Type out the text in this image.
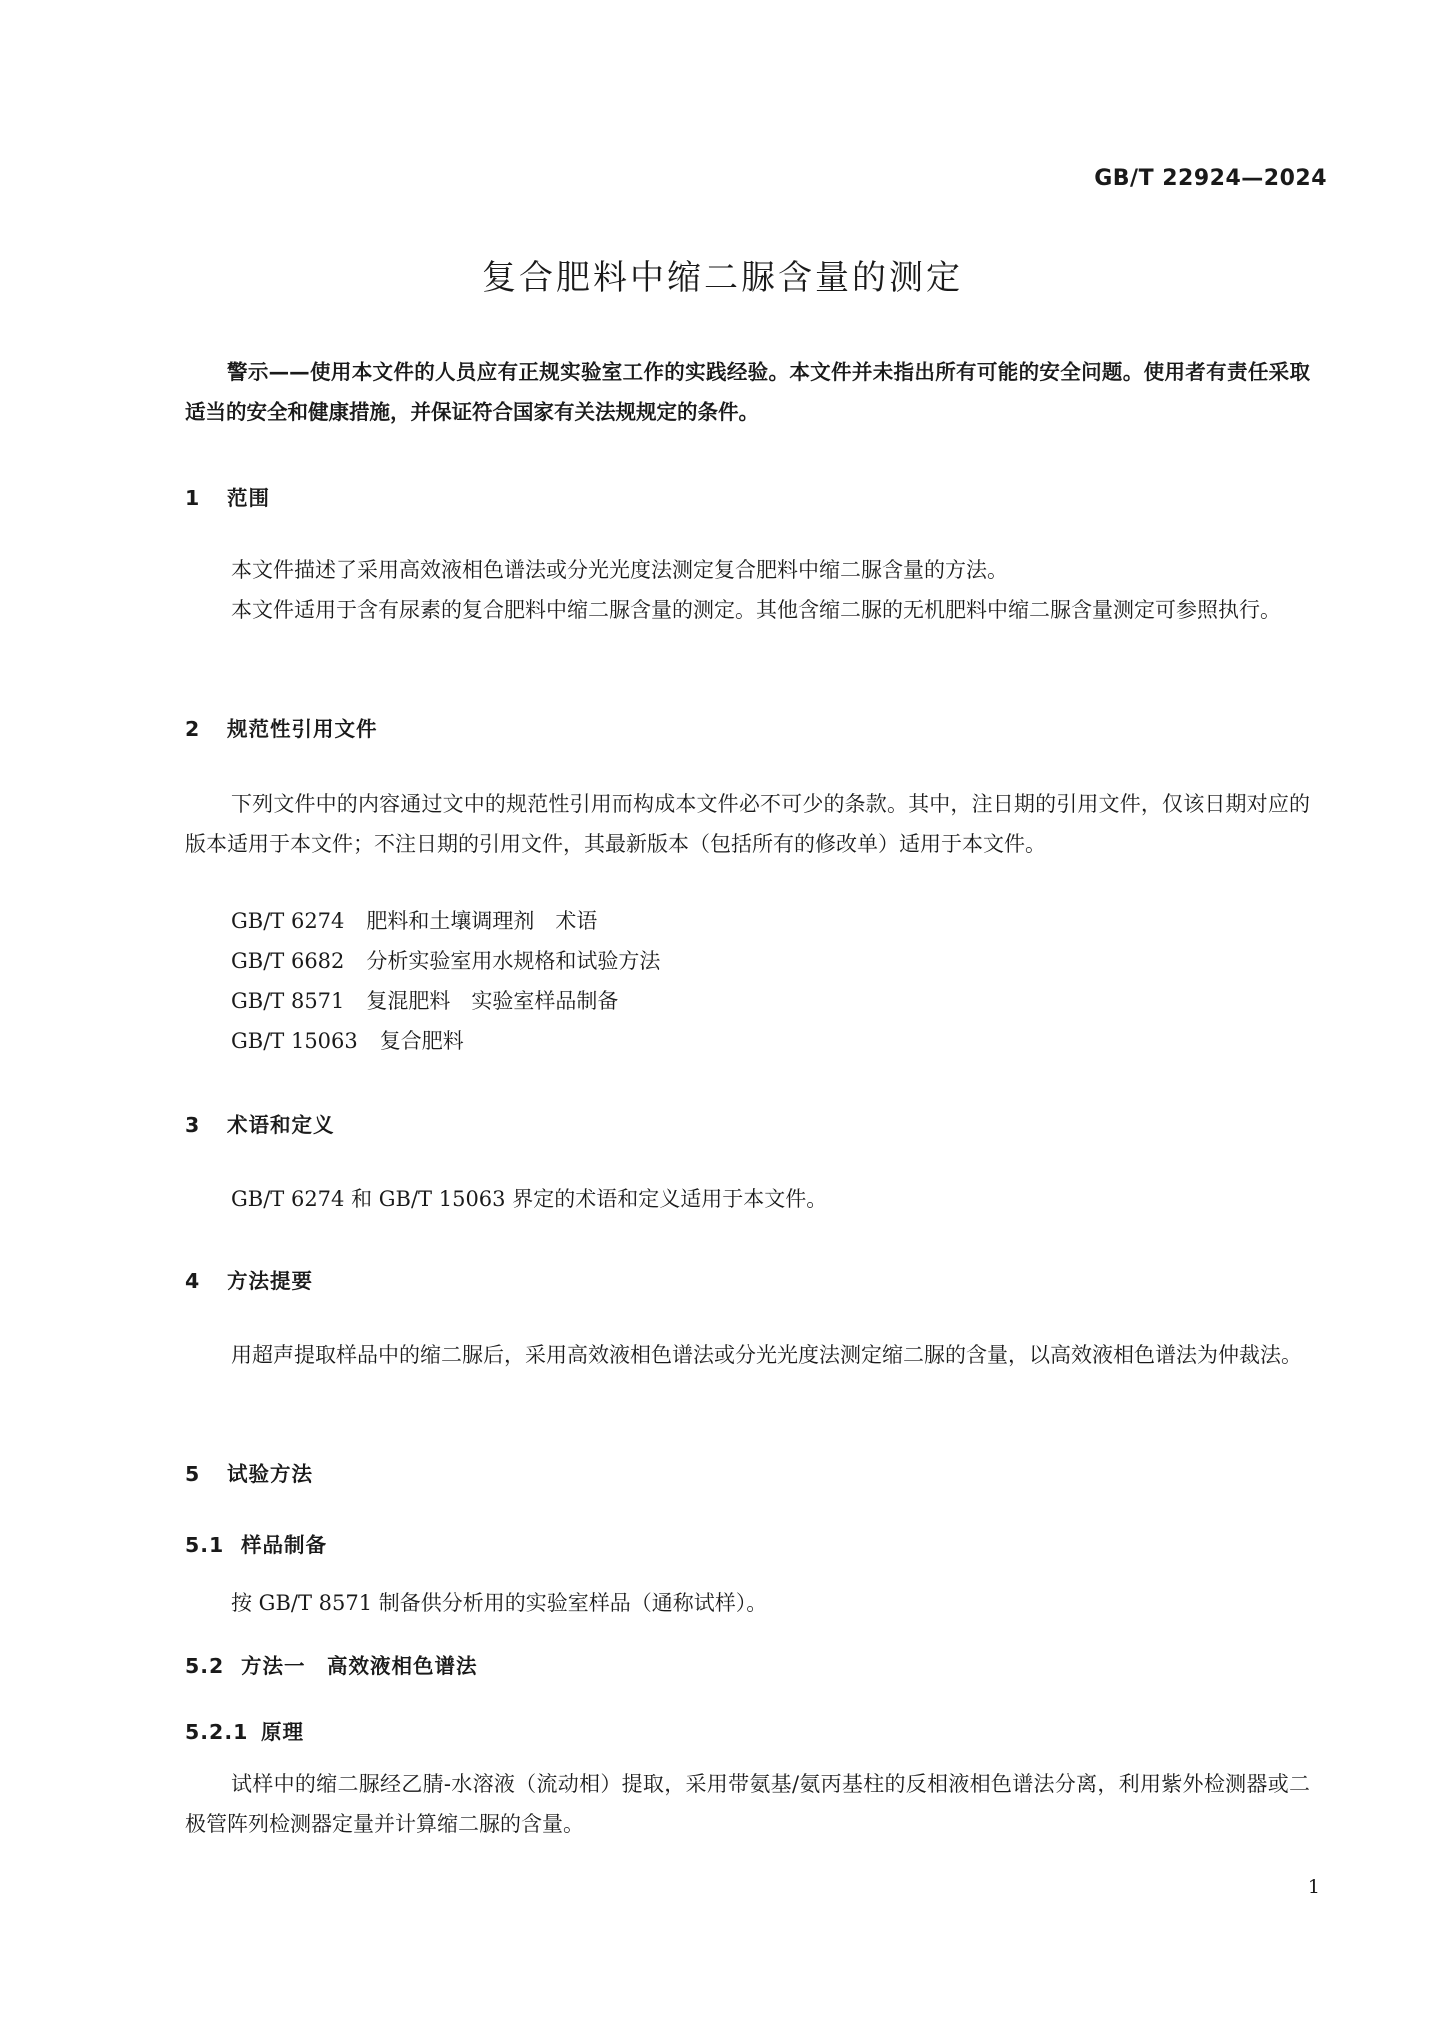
GB/T 22924—2024
复合肥料中缩二脲含量的测定

警示——使用本文件的人员应有正规实验室工作的实践经验。本文件并未指出所有可能的安全问题。使用者有责任采取适当的安全和健康措施，并保证符合国家有关法规规定的条件。

1 范围

本文件描述了采用高效液相色谱法或分光光度法测定复合肥料中缩二脲含量的方法。

本文件适用于含有尿素的复合肥料中缩二脲含量的测定。其他含缩二脲的无机肥料中缩二脲含量测定可参照执行。

2 规范性引用文件

下列文件中的内容通过文中的规范性引用而构成本文件必不可少的条款。其中，注日期的引用文件，仅该日期对应的版本适用于本文件；不注日期的引用文件，其最新版本（包括所有的修改单）适用于本文件。

GB/T 6274 肥料和土壤调理剂　术语
GB/T 6682 分析实验室用水规格和试验方法
GB/T 8571 复混肥料　实验室样品制备
GB/T 15063 复合肥料
3 术语和定义

GB/T 6274 和 GB/T 15063 界定的术语和定义适用于本文件。

4 方法提要

用超声提取样品中的缩二脲后，采用高效液相色谱法或分光光度法测定缩二脲的含量，以高效液相色谱法为仲裁法。

5 试验方法
5.1 样品制备

按 GB/T 8571 制备供分析用的实验室样品（通称试样）。

5.2 方法一　高效液相色谱法
5.2.1 原理

试样中的缩二脲经乙腈-水溶液（流动相）提取，采用带氨基/氨丙基柱的反相液相色谱法分离，利用紫外检测器或二极管阵列检测器定量并计算缩二脲的含量。

1
